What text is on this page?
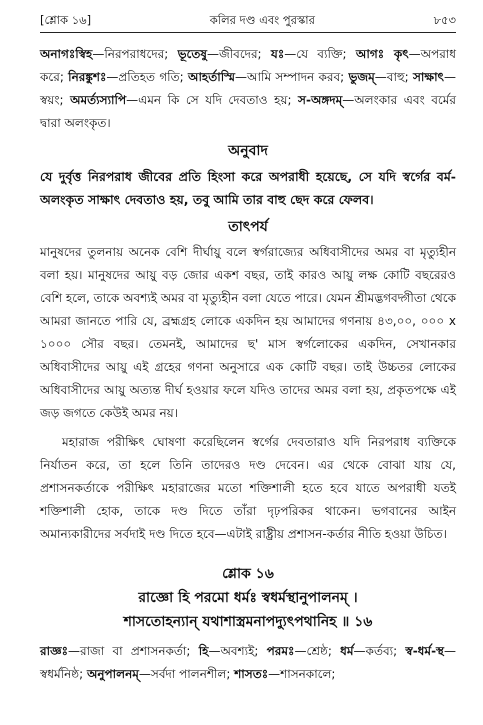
[শ্লোক ১৬]	কলির দণ্ড এবং পুরস্কার	৮৫৩
অনাগঃস্বিহ—নিরপরাধদের; ভূতেষু—জীবদের; যঃ—যে ব্যক্তি; আগঃ কৃৎ—অপরাধ করে; নিরঙ্কুশঃ—প্রতিহত গতি; আহর্তাস্মি—আমি সম্পাদন করব; ভুজম্—বাহু; সাক্ষাৎ—স্বয়ং; অমর্ত্যস্যাপি—এমন কি সে যদি দেবতাও হয়; স-অঙ্গদম্—অলংকার এবং বর্মের দ্বারা অলংকৃত।
অনুবাদ
যে দুর্বৃত্ত নিরপরাধ জীবের প্রতি হিংসা করে অপরাধী হয়েছে, সে যদি স্বর্গের বর্ম-অলংকৃত সাক্ষাৎ দেবতাও হয়, তবু আমি তার বাহু ছেদ করে ফেলব।
তাৎপর্য
মানুষদের তুলনায় অনেক বেশি দীর্ঘায়ু বলে স্বর্গরাজ্যের অধিবাসীদের অমর বা মৃত্যুহীন বলা হয়। মানুষদের আয়ু বড় জোর একশ বছর, তাই কারও আয়ু লক্ষ কোটি বছরেরও বেশি হলে, তাকে অবশ্যই অমর বা মৃত্যুহীন বলা যেতে পারে। যেমন শ্রীমদ্ভগবদ্গীতা থেকে আমরা জানতে পারি যে, ব্রহ্মগ্রহ লোকে একদিন হয় আমাদের গণনায় ৪৩,০০, ০০০ x ১০০০ সৌর বছর। তেমনই, আমাদের ছ' মাস স্বর্গলোকের একদিন, সেখানকার অধিবাসীদের আয়ু এই গ্রহের গণনা অনুসারে এক কোটি বছর। তাই উচ্চতর লোকের অধিবাসীদের আয়ু অত্যন্ত দীর্ঘ হওয়ার ফলে যদিও তাদের অমর বলা হয়, প্রকৃতপক্ষে এই জড় জগতে কেউই অমর নয়।
মহারাজ পরীক্ষিৎ ঘোষণা করেছিলেন স্বর্গের দেবতারাও যদি নিরপরাধ ব্যক্তিকে নির্যাতন করে, তা হলে তিনি তাদেরও দণ্ড দেবেন। এর থেকে বোঝা যায় যে, প্রশাসনকর্তাকে পরীক্ষিৎ মহারাজের মতো শক্তিশালী হতে হবে যাতে অপরাধী যতই শক্তিশালী হোক, তাকে দণ্ড দিতে তাঁরা দৃঢ়পরিকর থাকেন। ভগবানের আইন অমান্যকারীদের সর্বদাই দণ্ড দিতে হবে—এটাই রাষ্ট্রীয় প্রশাসন-কর্তার নীতি হওয়া উচিত।
শ্লোক ১৬
রাজ্ঞো হি পরমো ধর্মঃ স্বধর্মস্থানুপালনম্ ।
শাসতোহন্যান্ যথাশাস্ত্রমনাপদ্যুৎপথানিহ ॥ ১৬
রাজ্ঞঃ—রাজা বা প্রশাসনকর্তা; হি—অবশ্যই; পরমঃ—শ্রেষ্ঠ; ধর্ম—কর্তব্য; স্ব-ধর্ম-স্থ—স্বধর্মনিষ্ঠ; অনুপালনম্—সর্বদা পালনশীল; শাসতঃ—শাসনকালে;
